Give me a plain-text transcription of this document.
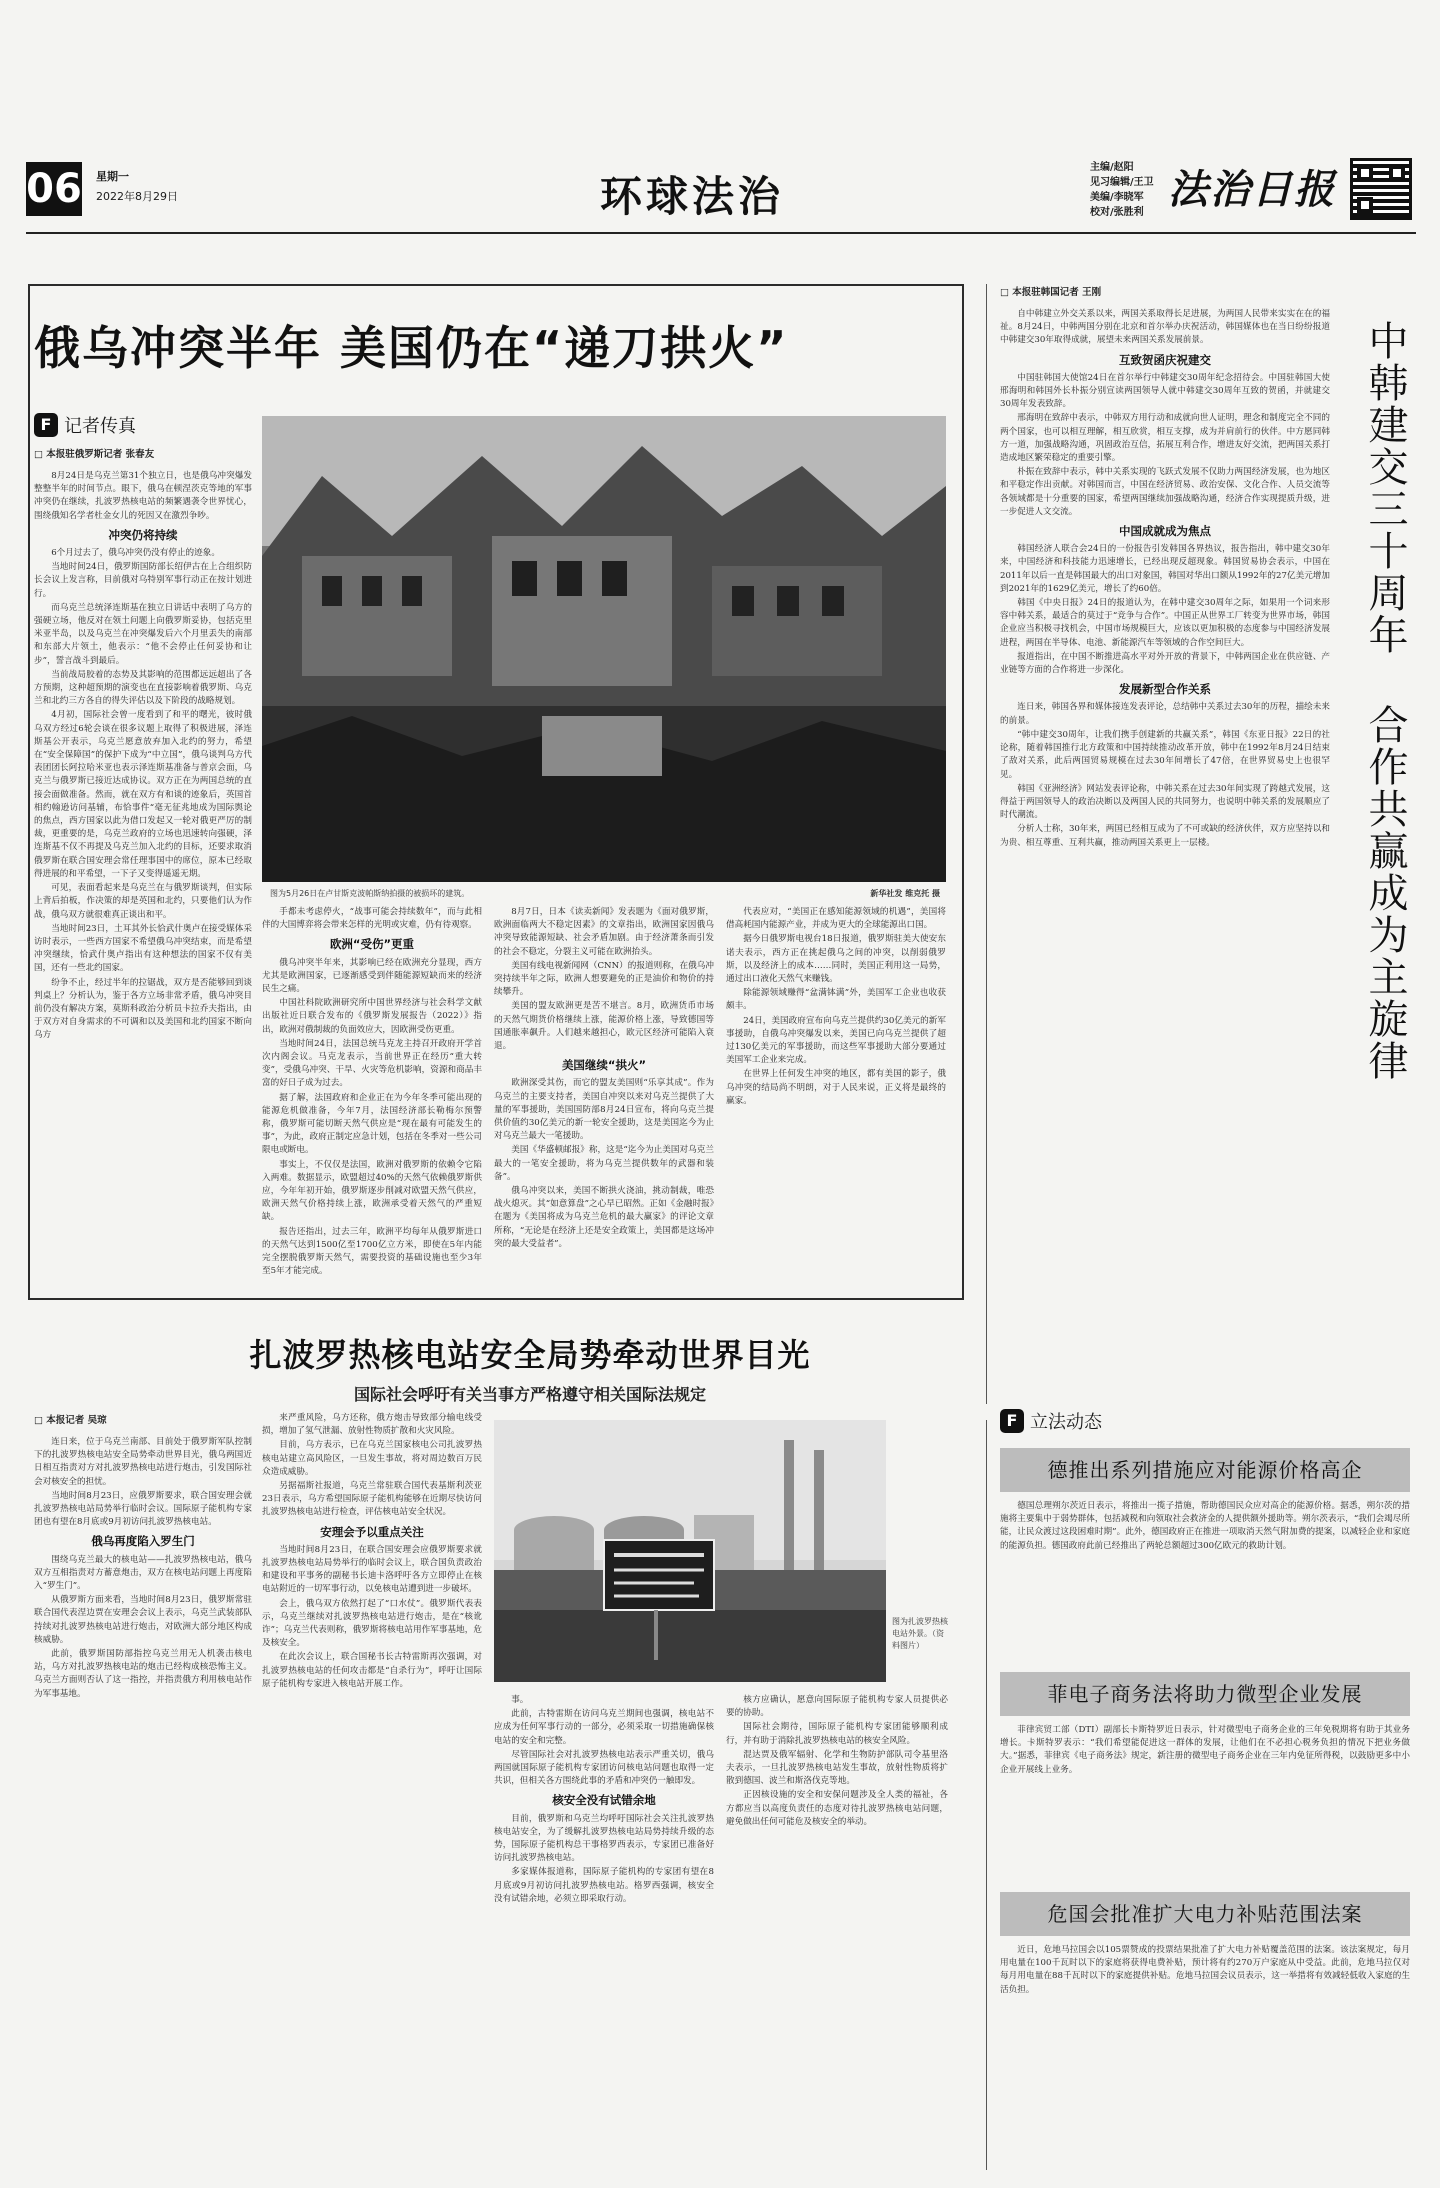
06 星期一
2022年8月29日	环球法治
主编/赵阳
见习编辑/王卫
美编/李晓军
校对/张胜利 法治日报
俄乌冲突半年 美国仍在“递刀拱火”
F 记者传真
□ 本报驻俄罗斯记者 张春友
图为5月26日在卢甘斯克波帕斯纳拍摄的被损坏的建筑。	新华社发 维克托 摄

8月24日是乌克兰第31个独立日，也是俄乌冲突爆发整整半年的时间节点。眼下，俄乌在顿涅茨克等地的军事冲突仍在继续，扎波罗热核电站的频繁遇袭令世界忧心，围绕俄知名学者杜金女儿的死因又在激烈争吵。

冲突仍将持续

6个月过去了，俄乌冲突仍没有停止的迹象。

当地时间24日，俄罗斯国防部长绍伊古在上合组织防长会议上发言称，目前俄对乌特别军事行动正在按计划进行。

而乌克兰总统泽连斯基在独立日讲话中表明了乌方的强硬立场，他反对在领土问题上向俄罗斯妥协，包括克里米亚半岛，以及乌克兰在冲突爆发后六个月里丢失的南部和东部大片领土，他表示：“他不会停止任何妥协和让步”，誓言战斗到最后。

当前战局胶着的态势及其影响的范围都远远超出了各方预期，这种超预期的演变也在直接影响着俄罗斯、乌克兰和北约三方各自的得失评估以及下阶段的战略规划。

4月初，国际社会曾一度看到了和平的曙光，彼时俄乌双方经过6轮会谈在很多议题上取得了积极进展，泽连斯基公开表示，乌克兰愿意放弃加入北约的努力，希望在“安全保障国”的保护下成为“中立国”，俄乌谈判乌方代表团团长阿拉哈米亚也表示泽连斯基准备与普京会面，乌克兰与俄罗斯已接近达成协议。双方正在为两国总统的直接会面做准备。然而，就在双方有和谈的迹象后，英国首相约翰逊访问基辅，布恰事件“毫无征兆地成为国际舆论的焦点，西方国家以此为借口发起又一轮对俄更严厉的制裁，更重要的是，乌克兰政府的立场也迅速转向强硬，泽连斯基不仅不再提及乌克兰加入北约的目标，还要求取消俄罗斯在联合国安理会常任理事国中的席位，原本已经取得进展的和平希望，一下子又变得遥遥无期。

可见，表面看起来是乌克兰在与俄罗斯谈判，但实际上背后拍板，作决策的却是英国和北约，只要他们认为作战，俄乌双方就很难真正谈出和平。

当地时间23日，土耳其外长恰武什奥卢在接受媒体采访时表示，一些西方国家不希望俄乌冲突结束，而是希望冲突继续，恰武什奥卢指出有这种想法的国家不仅有美国，还有一些北约国家。

纷争不止，经过半年的拉锯战，双方是否能够回到谈判桌上？分析认为，鉴于各方立场非常矛盾，俄乌冲突目前仍没有解决方案，莫斯科政治分析员卡拉乔夫指出，由于双方对自身需求的不可调和以及美国和北约国家不断向乌方

手都未考虑停火，“战事可能会持续数年”，而与此相伴的大国博弈将会带来怎样的光明或灾难，仍有待观察。

欧洲“受伤”更重

俄乌冲突半年来，其影响已经在欧洲充分显现，西方尤其是欧洲国家，已逐渐感受到伴随能源短缺而来的经济民生之痛。

中国社科院欧洲研究所中国世界经济与社会科学文献出版社近日联合发布的《俄罗斯发展报告（2022）》指出，欧洲对俄制裁的负面效应大，因欧洲受伤更重。

当地时间24日，法国总统马克龙主持召开政府开学首次内阁会议。马克龙表示，当前世界正在经历“重大转变”，受俄乌冲突、干旱、火灾等危机影响，资源和商品丰富的好日子成为过去。

据了解，法国政府和企业正在为今年冬季可能出现的能源危机做准备，今年7月，法国经济部长勒梅尔预警称，俄罗斯可能切断天然气供应是“现在最有可能发生的事”，为此，政府正制定应急计划，包括在冬季对一些公司限电或断电。

事实上，不仅仅是法国，欧洲对俄罗斯的依赖令它陷入两难。数据显示，欧盟超过40%的天然气依赖俄罗斯供应，今年年初开始，俄罗斯逐步削减对欧盟天然气供应，欧洲天然气价格持续上涨，欧洲承受着天然气的严重短缺。

报告还指出，过去三年，欧洲平均每年从俄罗斯进口的天然气达到1500亿至1700亿立方米，即使在5年内能完全摆脱俄罗斯天然气，需要投资的基础设施也至少3年至5年才能完成。

8月7日，日本《读卖新闻》发表题为《面对俄罗斯，欧洲面临两大不稳定因素》的文章指出，欧洲国家因俄乌冲突导致能源短缺、社会矛盾加剧。由于经济萧条而引发的社会不稳定，分裂主义可能在欧洲抬头。

美国有线电视新闻网（CNN）的报道则称，在俄乌冲突持续半年之际，欧洲人想要避免的正是油价和物价的持续攀升。

美国的盟友欧洲更是苦不堪言。8月，欧洲货币市场的天然气期货价格继续上涨，能源价格上涨，导致德国等国通胀率飙升。人们越来越担心，欧元区经济可能陷入衰退。

美国继续“拱火”

欧洲深受其伤，而它的盟友美国则“乐享其成”。作为乌克兰的主要支持者，美国自冲突以来对乌克兰提供了大量的军事援助，美国国防部8月24日宣布，将向乌克兰提供价值约30亿美元的新一轮安全援助，这是美国迄今为止对乌克兰最大一笔援助。

美国《华盛顿邮报》称，这是“迄今为止美国对乌克兰最大的一笔安全援助，将为乌克兰提供数年的武器和装备”。

俄乌冲突以来，美国不断拱火浇油，挑动制裁，唯恐战火熄灭。其“如意算盘”之心早已昭然。正如《金融时报》在题为《美国将成为乌克兰危机的最大赢家》的评论文章所称，“无论是在经济上还是安全政策上，美国都是这场冲突的最大受益者”。

代表应对，“美国正在感知能源领域的机遇”，美国将借高耗国内能源产业，并成为更大的全球能源出口国。

据今日俄罗斯电视台18日报道，俄罗斯驻美大使安东诺夫表示，西方正在挑起俄乌之间的冲突，以削弱俄罗斯，以及经济上的成本……同时，美国正利用这一局势，通过出口液化天然气来赚钱。

除能源领域赚得“盆满钵满”外，美国军工企业也收获颇丰。

24日，美国政府宣布向乌克兰提供约30亿美元的新军事援助，自俄乌冲突爆发以来，美国已向乌克兰提供了超过130亿美元的军事援助，而这些军事援助大部分要通过美国军工企业来完成。

在世界上任何发生冲突的地区，都有美国的影子，俄乌冲突的结局尚不明朗，对于人民来说，正义将是最终的赢家。

□ 本报驻韩国记者 王刚
中韩建交三十周年 合作共赢成为主旋律

自中韩建立外交关系以来，两国关系取得长足进展，为两国人民带来实实在在的福祉。8月24日，中韩两国分别在北京和首尔举办庆祝活动，韩国媒体也在当日纷纷报道中韩建交30年取得成就，展望未来两国关系发展前景。

互致贺函庆祝建交

中国驻韩国大使馆24日在首尔举行中韩建交30周年纪念招待会。中国驻韩国大使邢海明和韩国外长朴振分别宣读两国领导人就中韩建交30周年互致的贺函，并就建交30周年发表致辞。

邢海明在致辞中表示，中韩双方用行动和成就向世人证明，理念和制度完全不同的两个国家，也可以相互理解，相互欣赏，相互支撑，成为并肩前行的伙伴。中方愿同韩方一道，加强战略沟通，巩固政治互信，拓展互利合作，增进友好交流，把两国关系打造成地区繁荣稳定的重要引擎。

朴振在致辞中表示，韩中关系实现的飞跃式发展不仅助力两国经济发展，也为地区和平稳定作出贡献。对韩国而言，中国在经济贸易、政治安保、文化合作、人员交流等各领域都是十分重要的国家，希望两国继续加强战略沟通，经济合作实现提质升级，进一步促进人文交流。

中国成就成为焦点

韩国经济人联合会24日的一份报告引发韩国各界热议，报告指出，韩中建交30年来，中国经济和科技能力迅速增长，已经出现反超现象。韩国贸易协会表示，中国在2011年以后一直是韩国最大的出口对象国，韩国对华出口额从1992年的27亿美元增加到2021年的1629亿美元，增长了约60倍。

韩国《中央日报》24日的报道认为，在韩中建交30周年之际，如果用一个词来形容中韩关系，最适合的莫过于“竞争与合作”。中国正从世界工厂转变为世界市场，韩国企业应当积极寻找机会，中国市场规模巨大，应该以更加积极的态度参与中国经济发展进程，两国在半导体、电池、新能源汽车等领域的合作空间巨大。

报道指出，在中国不断推进高水平对外开放的背景下，中韩两国企业在供应链、产业链等方面的合作将进一步深化。

发展新型合作关系

连日来，韩国各界和媒体接连发表评论，总结韩中关系过去30年的历程，描绘未来的前景。

“韩中建交30周年，让我们携手创建新的共赢关系”，韩国《东亚日报》22日的社论称，随着韩国推行北方政策和中国持续推动改革开放，韩中在1992年8月24日结束了敌对关系，此后两国贸易规模在过去30年间增长了47倍，在世界贸易史上也很罕见。

韩国《亚洲经济》网站发表评论称，中韩关系在过去30年间实现了跨越式发展，这得益于两国领导人的政治决断以及两国人民的共同努力，也说明中韩关系的发展顺应了时代潮流。

分析人士称，30年来，两国已经相互成为了不可或缺的经济伙伴，双方应坚持以和为贵、相互尊重、互利共赢，推动两国关系更上一层楼。

扎波罗热核电站安全局势牵动世界目光
国际社会呼吁有关当事方严格遵守相关国际法规定
□ 本报记者 吴琼
图为扎波罗热核电站外景。（资料图片）

连日来，位于乌克兰南部、目前处于俄罗斯军队控制下的扎波罗热核电站安全局势牵动世界目光，俄乌两国近日相互指责对方对扎波罗热核电站进行炮击，引发国际社会对核安全的担忧。

当地时间8月23日，应俄罗斯要求，联合国安理会就扎波罗热核电站局势举行临时会议。国际原子能机构专家团也有望在8月底或9月初访问扎波罗热核电站。

俄乌再度陷入罗生门

围绕乌克兰最大的核电站——扎波罗热核电站，俄乌双方互相指责对方蓄意炮击，双方在核电站问题上再度陷入“罗生门”。

从俄罗斯方面来看，当地时间8月23日，俄罗斯常驻联合国代表涅边贾在安理会会议上表示，乌克兰武装部队持续对扎波罗热核电站进行炮击，对欧洲大部分地区构成核威胁。

此前，俄罗斯国防部指控乌克兰用无人机袭击核电站，乌方对扎波罗热核电站的炮击已经构成核恐怖主义。乌克兰方面则否认了这一指控，并指责俄方利用核电站作为军事基地。

来严重风险，乌方还称，俄方炮击导致部分输电线受损，增加了氢气泄漏、放射性物质扩散和火灾风险。

目前，乌方表示，已在乌克兰国家核电公司扎波罗热核电站建立高风险区，一旦发生事故，将对周边数百万民众造成威胁。

另据福斯社报道，乌克兰常驻联合国代表基斯利茨亚23日表示，乌方希望国际原子能机构能够在近期尽快访问扎波罗热核电站进行检查，评估核电站安全状况。

安理会予以重点关注

当地时间8月23日，在联合国安理会应俄罗斯要求就扎波罗热核电站局势举行的临时会议上，联合国负责政治和建设和平事务的副秘书长迪卡洛呼吁各方立即停止在核电站附近的一切军事行动，以免核电站遭到进一步破坏。

会上，俄乌双方依然打起了“口水仗”。俄罗斯代表表示，乌克兰继续对扎波罗热核电站进行炮击，是在“核讹诈”；乌克兰代表则称，俄罗斯将核电站用作军事基地，危及核安全。

在此次会议上，联合国秘书长古特雷斯再次强调，对扎波罗热核电站的任何攻击都是“自杀行为”，呼吁让国际原子能机构专家进入核电站开展工作。

事。

此前，古特雷斯在访问乌克兰期间也强调，核电站不应成为任何军事行动的一部分，必须采取一切措施确保核电站的安全和完整。

尽管国际社会对扎波罗热核电站表示严重关切，俄乌两国就国际原子能机构专家团访问核电站问题也取得一定共识，但相关各方围绕此事的矛盾和冲突仍一触即发。

核安全没有试错余地

目前，俄罗斯和乌克兰均呼吁国际社会关注扎波罗热核电站安全，为了缓解扎波罗热核电站局势持续升级的态势，国际原子能机构总干事格罗西表示，专家团已准备好访问扎波罗热核电站。

多家媒体报道称，国际原子能机构的专家团有望在8月底或9月初访问扎波罗热核电站。格罗西强调，核安全没有试错余地，必须立即采取行动。

核方应确认，愿意向国际原子能机构专家人员提供必要的协助。

国际社会期待，国际原子能机构专家团能够顺利成行，并有助于消除扎波罗热核电站的核安全风险。

混达贾及俄军辐射、化学和生物防护部队司令基里洛夫表示，一旦扎波罗热核电站发生事故，放射性物质将扩散到德国、波兰和斯洛伐克等地。

正因核设施的安全和安保问题涉及全人类的福祉，各方都应当以高度负责任的态度对待扎波罗热核电站问题，避免做出任何可能危及核安全的举动。

F 立法动态
德推出系列措施应对能源价格高企

德国总理朔尔茨近日表示，将推出一揽子措施，帮助德国民众应对高企的能源价格。据悉，朔尔茨的措施将主要集中于弱势群体，包括减税和向领取社会救济金的人提供额外援助等。朔尔茨表示，“我们会竭尽所能，让民众渡过这段困难时期”。此外，德国政府正在推进一项取消天然气附加费的提案，以减轻企业和家庭的能源负担。德国政府此前已经推出了两轮总额超过300亿欧元的救助计划。

菲电子商务法将助力微型企业发展

菲律宾贸工部（DTI）副部长卡斯特罗近日表示，针对微型电子商务企业的三年免税期将有助于其业务增长。卡斯特罗表示：“我们希望能促进这一群体的发展，让他们在不必担心税务负担的情况下把业务做大。”据悉，菲律宾《电子商务法》规定，新注册的微型电子商务企业在三年内免征所得税，以鼓励更多中小企业开展线上业务。

危国会批准扩大电力补贴范围法案

近日，危地马拉国会以105票赞成的投票结果批准了扩大电力补贴覆盖范围的法案。该法案规定，每月用电量在100千瓦时以下的家庭将获得电费补贴，预计将有约270万户家庭从中受益。此前，危地马拉仅对每月用电量在88千瓦时以下的家庭提供补贴。危地马拉国会议员表示，这一举措将有效减轻低收入家庭的生活负担。
